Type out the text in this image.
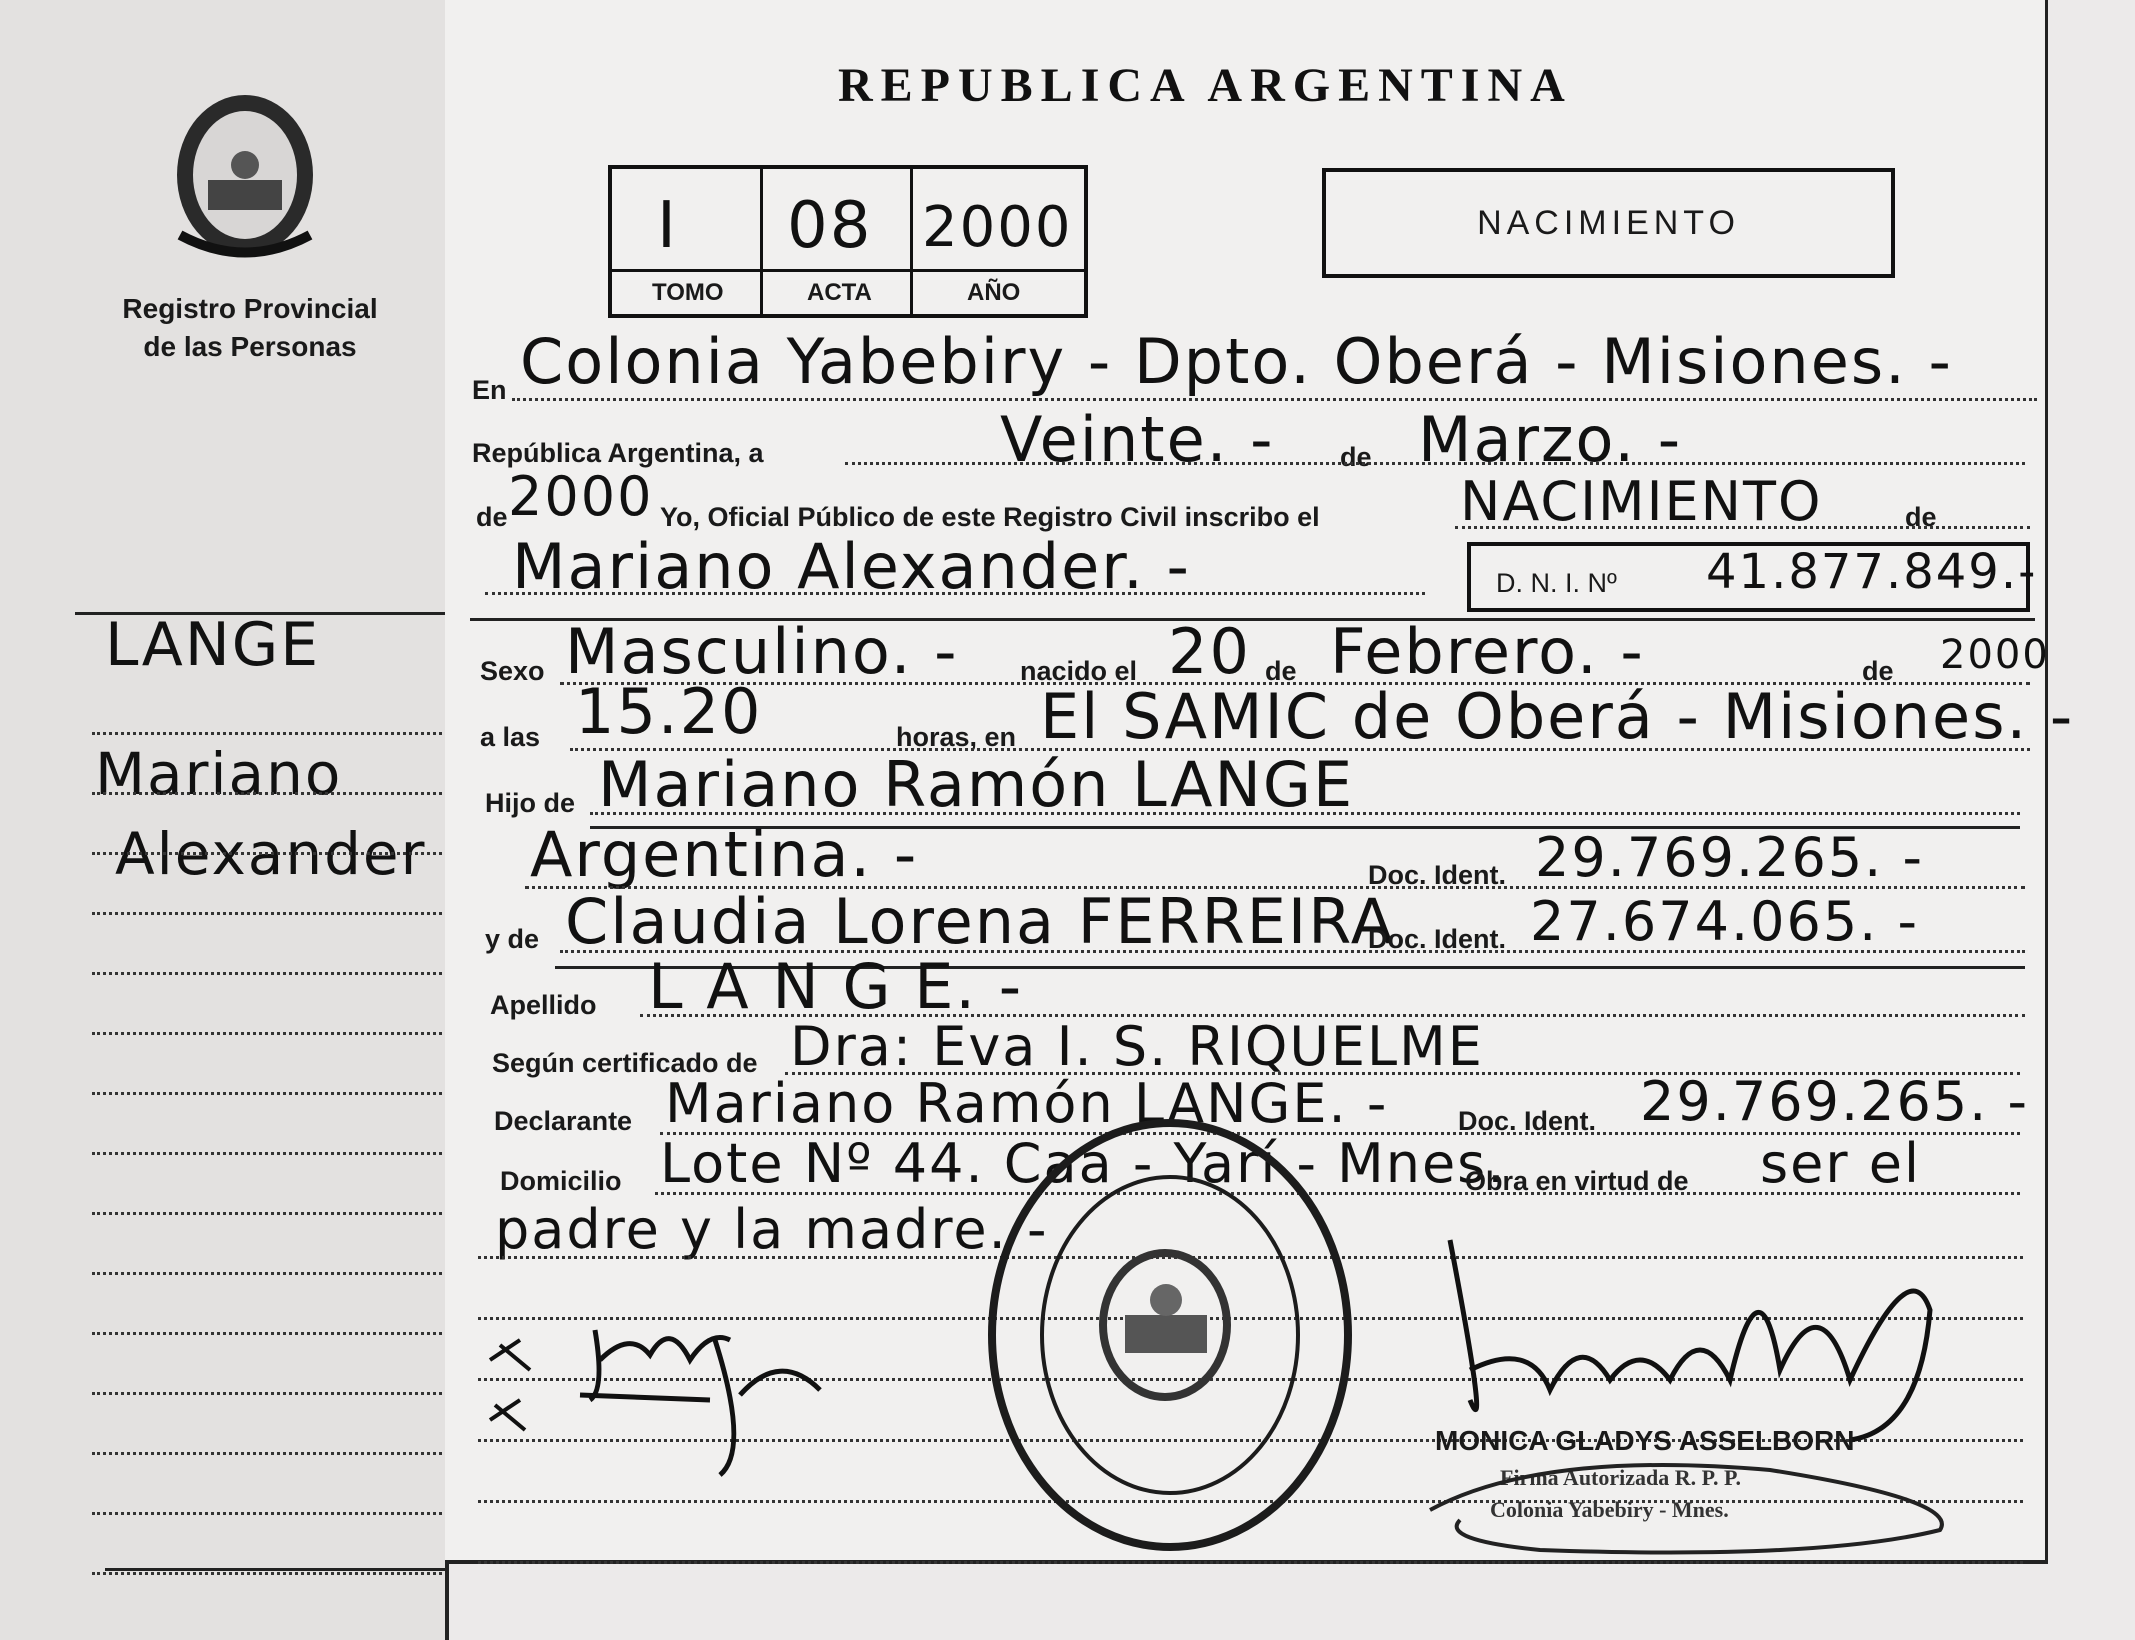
Registro Provincial
de las Personas
LANGE
Mariano
Alexander
REPUBLICA ARGENTINA
I 08 2000
TOMO	ACTA	AÑO
NACIMIENTO
En Colonia Yabebiry - Dpto. Oberá - Misiones. -
República Argentina, a	Veinte. - de Marzo. -
de 2000 Yo, Oficial Público de este Registro Civil inscribo el	NACIMIENTO	de
Mariano Alexander. -	D. N. I. Nº 41.877.849.-
Sexo Masculino. - nacido el 20 de Febrero. -	de 2000
a las 15.20	horas, en El SAMIC de Oberá - Misiones. -
Hijo de Mariano Ramón LANGE
Argentina. -	Doc. Ident. 29.769.265. -
y de Claudia Lorena FERREIRA
Doc. Ident. 27.674.065. -
Apellido L A N G E. -
Según certificado de Dra: Eva I. S. RIQUELME
Declarante Mariano Ramón LANGE. -	Doc. Ident. 29.769.265. -
Domicilio Lote Nº 44. Caa - Yarí - Mnes.
Obra en virtud de ser el
padre y la madre. -
MONICA GLADYS ASSELBORN
Firma Autorizada R. P. P.
Colonia Yabebiry - Mnes.
